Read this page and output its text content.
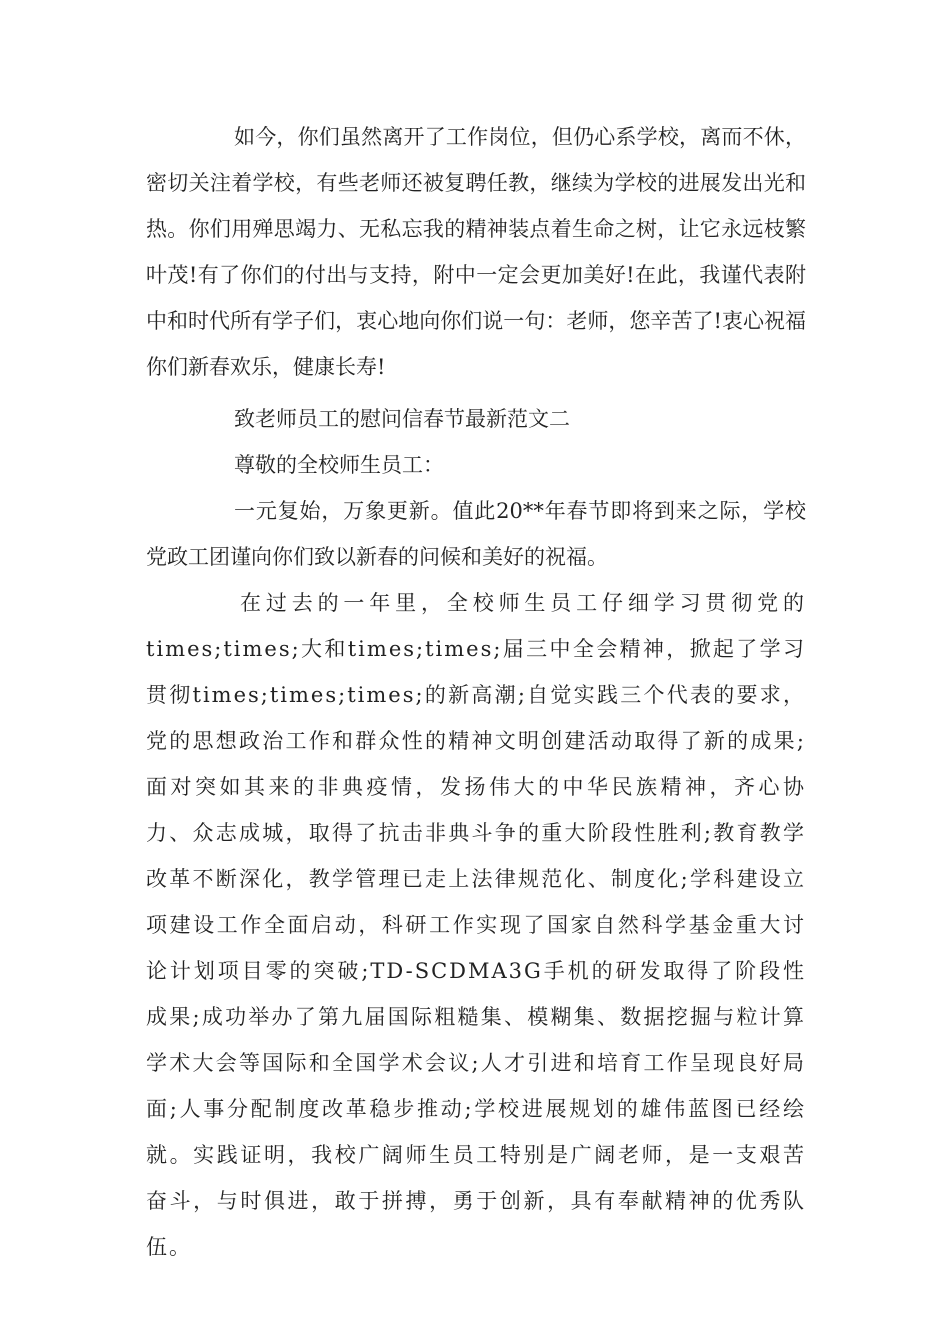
如今，你们虽然离开了工作岗位，但仍心系学校，离而不休，密切关注着学校，有些老师还被复聘任教，继续为学校的进展发出光和热。你们用殚思竭力、无私忘我的精神装点着生命之树，让它永远枝繁叶茂!有了你们的付出与支持，附中一定会更加美好!在此，我谨代表附中和时代所有学子们，衷心地向你们说一句：老师，您辛苦了!衷心祝福你们新春欢乐，健康长寿!

致老师员工的慰问信春节最新范文二

尊敬的全校师生员工：

一元复始，万象更新。值此20**年春节即将到来之际，学校党政工团谨向你们致以新春的问候和美好的祝福。

在过去的一年里，全校师生员工仔细学习贯彻党的times;times;大和times;times;届三中全会精神，掀起了学习贯彻times;times;times;的新高潮;自觉实践三个代表的要求，党的思想政治工作和群众性的精神文明创建活动取得了新的成果;面对突如其来的非典疫情，发扬伟大的中华民族精神，齐心协力、众志成城，取得了抗击非典斗争的重大阶段性胜利;教育教学改革不断深化，教学管理已走上法律规范化、制度化;学科建设立项建设工作全面启动，科研工作实现了国家自然科学基金重大讨论计划项目零的突破;TD-SCDMA3G手机的研发取得了阶段性成果;成功举办了第九届国际粗糙集、模糊集、数据挖掘与粒计算学术大会等国际和全国学术会议;人才引进和培育工作呈现良好局面;人事分配制度改革稳步推动;学校进展规划的雄伟蓝图已经绘就。实践证明，我校广阔师生员工特别是广阔老师，是一支艰苦奋斗，与时俱进，敢于拼搏，勇于创新，具有奉献精神的优秀队伍。
